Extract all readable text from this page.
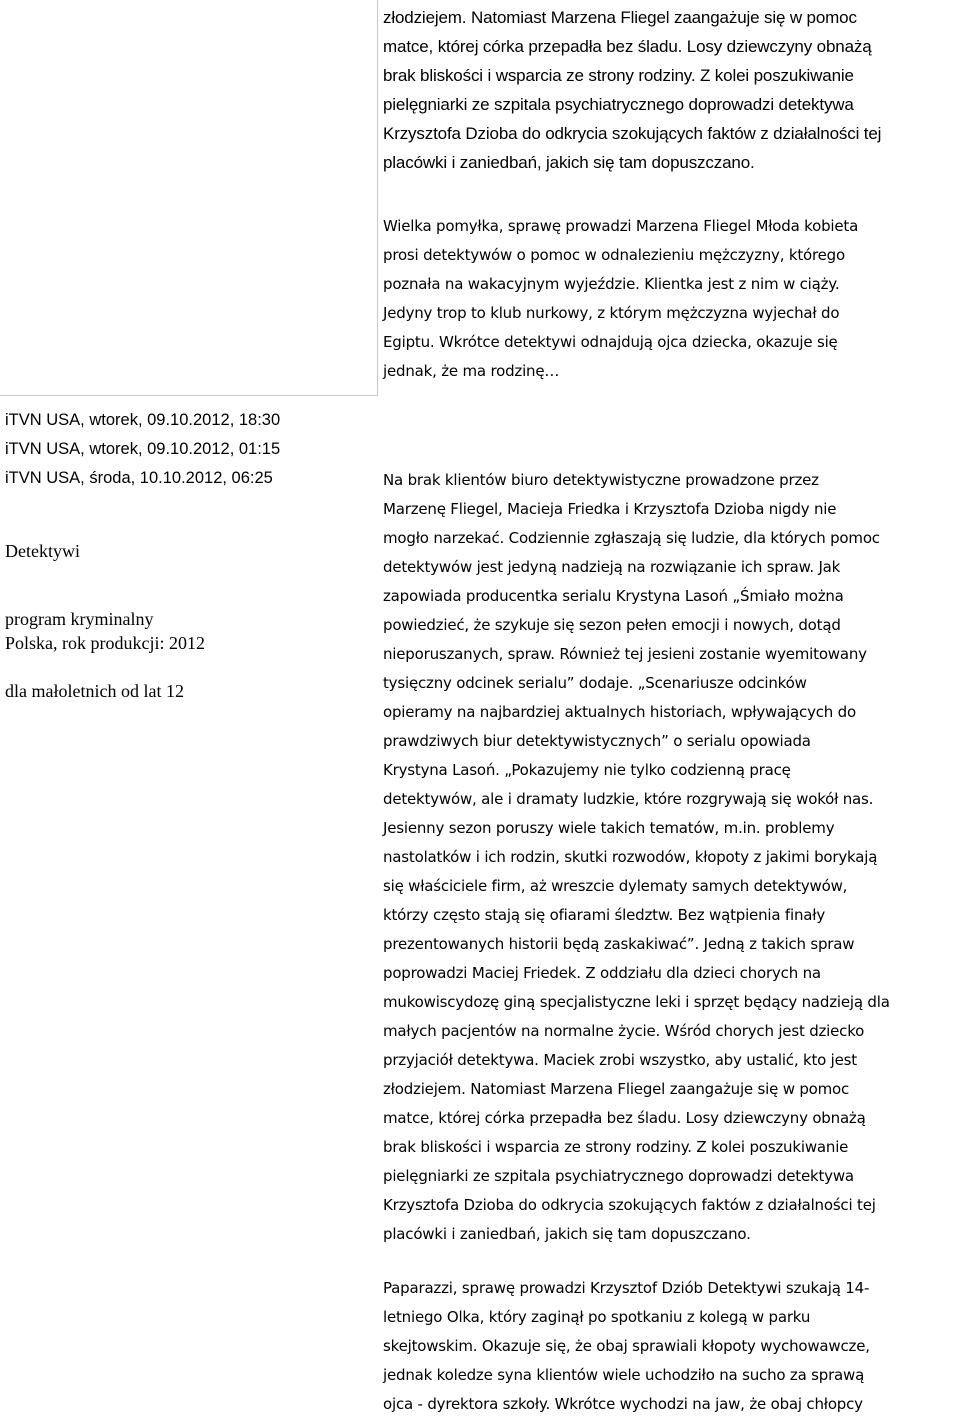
złodziejem. Natomiast Marzena Fliegel zaangażuje się w pomoc

matce, której córka przepadła bez śladu. Losy dziewczyny obnażą

brak bliskości i wsparcia ze strony rodziny. Z kolei poszukiwanie

pielęgniarki ze szpitala psychiatrycznego doprowadzi detektywa

Krzysztofa Dzioba do odkrycia szokujących faktów z działalności tej

placówki i zaniedbań, jakich się tam dopuszczano.

Wielka pomyłka, sprawę prowadzi Marzena Fliegel Młoda kobieta

prosi detektywów o pomoc w odnalezieniu mężczyzny, którego

poznała na wakacyjnym wyjeździe. Klientka jest z nim w ciąży.

Jedyny trop to klub nurkowy, z którym mężczyzna wyjechał do

Egiptu. Wkrótce detektywi odnajdują ojca dziecka, okazuje się

jednak, że ma rodzinę…

iTVN USA, wtorek, 09.10.2012, 18:30

iTVN USA, wtorek, 09.10.2012, 01:15

iTVN USA, środa, 10.10.2012, 06:25

Detektywi

program kryminalny

Polska, rok produkcji: 2012

dla małoletnich od lat 12

Na brak klientów biuro detektywistyczne prowadzone przez

Marzenę Fliegel, Macieja Friedka i Krzysztofa Dzioba nigdy nie

mogło narzekać. Codziennie zgłaszają się ludzie, dla których pomoc

detektywów jest jedyną nadzieją na rozwiązanie ich spraw. Jak

zapowiada producentka serialu Krystyna Lasoń „Śmiało można

powiedzieć, że szykuje się sezon pełen emocji i nowych, dotąd

nieporuszanych, spraw. Również tej jesieni zostanie wyemitowany

tysięczny odcinek serialu” dodaje. „Scenariusze odcinków

opieramy na najbardziej aktualnych historiach, wpływających do

prawdziwych biur detektywistycznych” o serialu opowiada

Krystyna Lasoń. „Pokazujemy nie tylko codzienną pracę

detektywów, ale i dramaty ludzkie, które rozgrywają się wokół nas.

Jesienny sezon poruszy wiele takich tematów, m.in. problemy

nastolatków i ich rodzin, skutki rozwodów, kłopoty z jakimi borykają

się właściciele firm, aż wreszcie dylematy samych detektywów,

którzy często stają się ofiarami śledztw. Bez wątpienia finały

prezentowanych historii będą zaskakiwać”. Jedną z takich spraw

poprowadzi Maciej Friedek. Z oddziału dla dzieci chorych na

mukowiscydozę giną specjalistyczne leki i sprzęt będący nadzieją dla

małych pacjentów na normalne życie. Wśród chorych jest dziecko

przyjaciół detektywa. Maciek zrobi wszystko, aby ustalić, kto jest

złodziejem. Natomiast Marzena Fliegel zaangażuje się w pomoc

matce, której córka przepadła bez śladu. Losy dziewczyny obnażą

brak bliskości i wsparcia ze strony rodziny. Z kolei poszukiwanie

pielęgniarki ze szpitala psychiatrycznego doprowadzi detektywa

Krzysztofa Dzioba do odkrycia szokujących faktów z działalności tej

placówki i zaniedbań, jakich się tam dopuszczano.

Paparazzi, sprawę prowadzi Krzysztof Dziób Detektywi szukają 14-

letniego Olka, który zaginął po spotkaniu z kolegą w parku

skejtowskim. Okazuje się, że obaj sprawiali kłopoty wychowawcze,

jednak koledze syna klientów wiele uchodziło na sucho za sprawą

ojca - dyrektora szkoły. Wkrótce wychodzi na jaw, że obaj chłopcy
